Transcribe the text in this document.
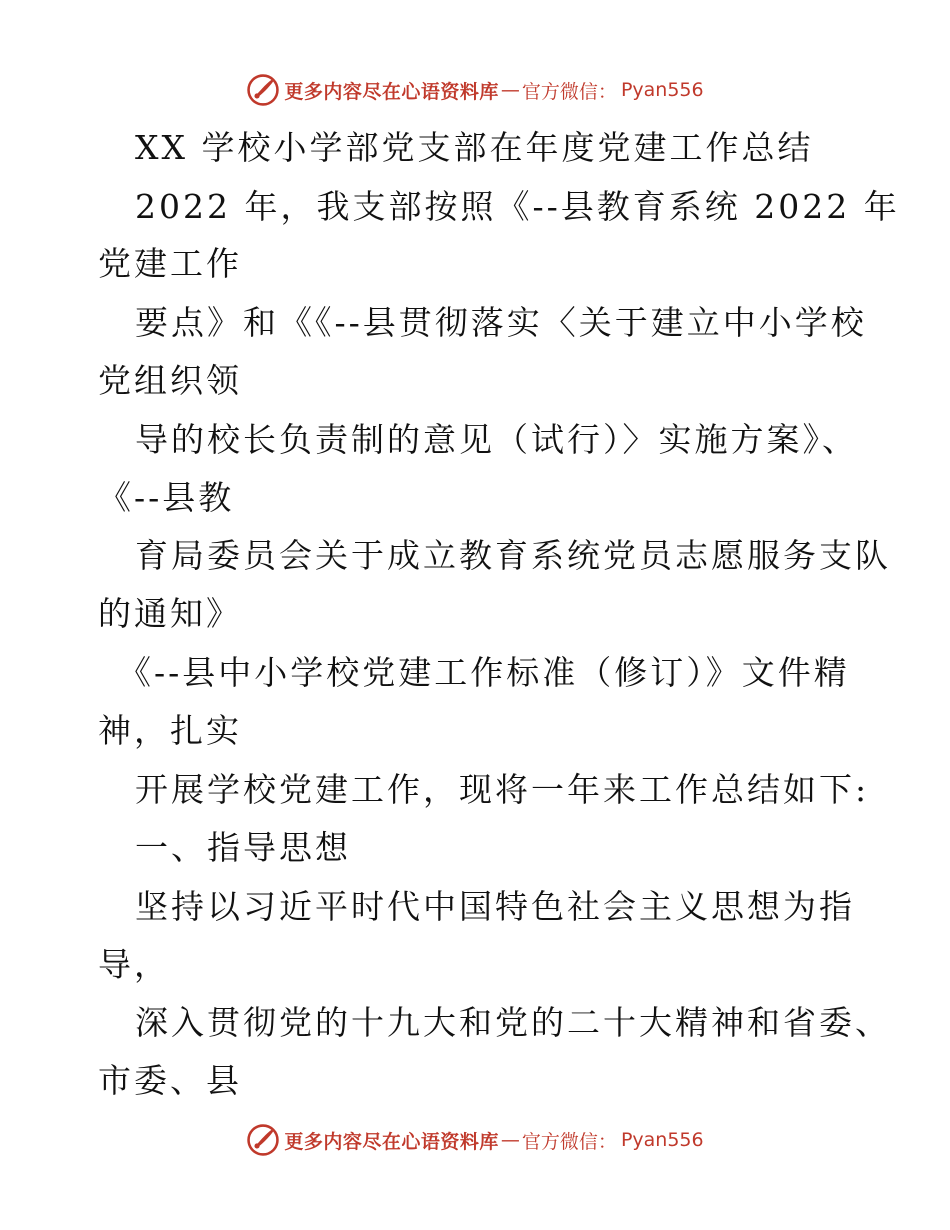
更多内容尽在心语资料库 — 官方微信： Pyan556
XX 学校小学部党支部在年度党建工作总结
2022 年，我支部按照《--县教育系统 2022 年
党建工作
要点》和《《--县贯彻落实〈关于建立中小学校
党组织领
导的校长负责制的意见（试行）〉实施方案》、
《--县教
育局委员会关于成立教育系统党员志愿服务支队
的通知》
《--县中小学校党建工作标准（修订）》文件精
神，扎实
开展学校党建工作，现将一年来工作总结如下:
一、指导思想
坚持以习近平时代中国特色社会主义思想为指
导，
深入贯彻党的十九大和党的二十大精神和省委、
市委、县
更多内容尽在心语资料库 — 官方微信： Pyan556
